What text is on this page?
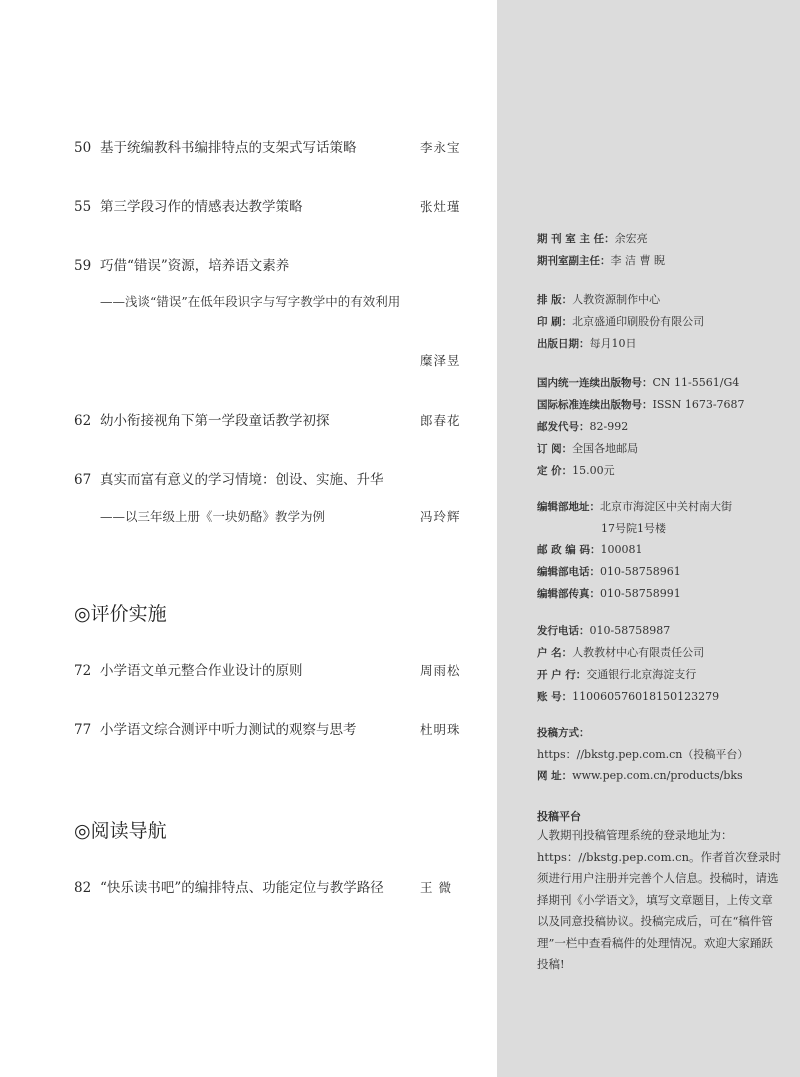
50 基于统编教科书编排特点的支架式写话策略	李永宝
55 第三学段习作的情感表达教学策略	张灶瑾
59 巧借“错误”资源，培养语文素养
——浅谈“错误”在低年段识字与写字教学中的有效利用
糜泽昱
62 幼小衔接视角下第一学段童话教学初探	郎春花
67 真实而富有意义的学习情境：创设、实施、升华
——以三年级上册《一块奶酪》教学为例	冯玲辉
◎评价实施
72 小学语文单元整合作业设计的原则	周雨松
77 小学语文综合测评中听力测试的观察与思考	杜明珠
◎阅读导航
82 “快乐读书吧”的编排特点、功能定位与教学路径	王 微
期 刊 室 主 任：余宏亮
期刊室副主任：李 洁 曹 睨
排 版：人教资源制作中心
印 刷：北京盛通印刷股份有限公司
出版日期：每月10日
国内统一连续出版物号：CN 11-5561/G4
国际标准连续出版物号：ISSN 1673-7687
邮发代号：82-992
订 阅：全国各地邮局
定 价：15.00元
编辑部地址：北京市海淀区中关村南大街
17号院1号楼
邮 政 编 码：100081
编辑部电话：010-58758961
编辑部传真：010-58758991
发行电话：010-58758987
户 名：人教教材中心有限责任公司
开 户 行：交通银行北京海淀支行
账 号：110060576018150123279
投稿方式：
https：//bkstg.pep.com.cn（投稿平台）
网 址：www.pep.com.cn/products/bks
投稿平台
人教期刊投稿管理系统的登录地址为：https：//bkstg.pep.com.cn。作者首次登录时须进行用户注册并完善个人信息。投稿时，请选择期刊《小学语文》，填写文章题目，上传文章以及同意投稿协议。投稿完成后，可在“稿件管理”一栏中查看稿件的处理情况。欢迎大家踊跃投稿!
